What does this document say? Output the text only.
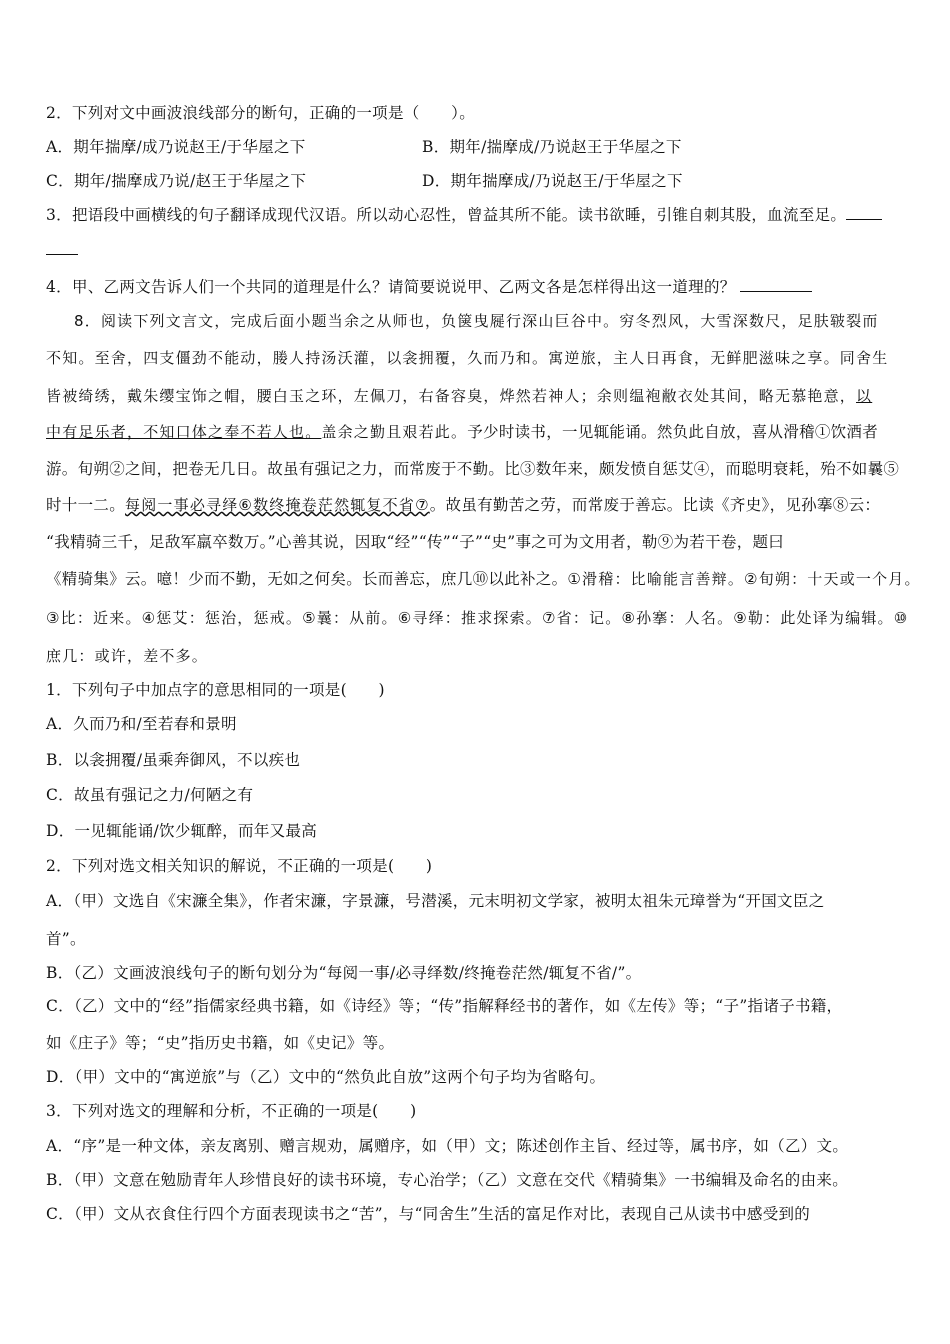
2．下列对文中画波浪线部分的断句，正确的一项是（　　）。
A．期年揣摩/成乃说赵王/于华屋之下	B．期年/揣摩成/乃说赵王于华屋之下
C．期年/揣摩成乃说/赵王于华屋之下	D．期年揣摩成/乃说赵王/于华屋之下
3．把语段中画横线的句子翻译成现代汉语。所以动心忍性，曾益其所不能。读书欲睡，引锥自刺其股，血流至足。
4．甲、乙两文告诉人们一个共同的道理是什么？请简要说说甲、乙两文各是怎样得出这一道理的？
8．阅读下列文言文，完成后面小题当余之从师也，负箧曳屣行深山巨谷中。穷冬烈风，大雪深数尺，足肤皲裂而
不知。至舍，四支僵劲不能动，媵人持汤沃灌，以衾拥覆，久而乃和。寓逆旅，主人日再食，无鲜肥滋味之享。同舍生
皆被绮绣，戴朱缨宝饰之帽，腰白玉之环，左佩刀，右备容臭，烨然若神人；余则缊袍敝衣处其间，略无慕艳意，以
中有足乐者，不知口体之奉不若人也。盖余之勤且艰若此。予少时读书，一见辄能诵。然负此自放，喜从滑稽①饮酒者
游。旬朔②之间，把卷无几日。故虽有强记之力，而常废于不勤。比③数年来，颇发愤自惩艾④，而聪明衰耗，殆不如曩⑤
时十一二。每阅一事必寻绎⑥数终掩卷茫然辄复不省⑦。故虽有勤苦之劳，而常废于善忘。比读《齐史》，见孙搴⑧云：
“我精骑三千，足敌军羸卒数万。”心善其说，因取“经”“传”“子”“史”事之可为文用者，勒⑨为若干卷，题曰
《精骑集》云。噫！少而不勤，无如之何矣。长而善忘，庶几⑩以此补之。①滑稽：比喻能言善辩。②旬朔：十天或一个月。
③比：近来。④惩艾：惩治，惩戒。⑤曩：从前。⑥寻绎：推求探索。⑦省：记。⑧孙搴：人名。⑨勒：此处译为编辑。⑩
庶几：或许，差不多。
1．下列句子中加点字的意思相同的一项是(　　)
A．久而乃和/至若春和景明
B．以衾拥覆/虽乘奔御风，不以疾也
C．故虽有强记之力/何陋之有
D．一见辄能诵/饮少辄醉，而年又最高
2．下列对选文相关知识的解说，不正确的一项是(　　)
A．（甲）文选自《宋濂全集》，作者宋濂，字景濂，号潜溪，元末明初文学家，被明太祖朱元璋誉为“开国文臣之
首”。
B．（乙）文画波浪线句子的断句划分为“每阅一事/必寻绎数/终掩卷茫然/辄复不省/”。
C．（乙）文中的“经”指儒家经典书籍，如《诗经》等；“传”指解释经书的著作，如《左传》等；“子”指诸子书籍，
如《庄子》等；“史”指历史书籍，如《史记》等。
D．（甲）文中的“寓逆旅”与（乙）文中的“然负此自放”这两个句子均为省略句。
3．下列对选文的理解和分析，不正确的一项是(　　)
A．“序”是一种文体，亲友离别、赠言规劝，属赠序，如（甲）文；陈述创作主旨、经过等，属书序，如（乙）文。
B．（甲）文意在勉励青年人珍惜良好的读书环境，专心治学；（乙）文意在交代《精骑集》一书编辑及命名的由来。
C．（甲）文从衣食住行四个方面表现读书之“苦”，与“同舍生”生活的富足作对比，表现自己从读书中感受到的
